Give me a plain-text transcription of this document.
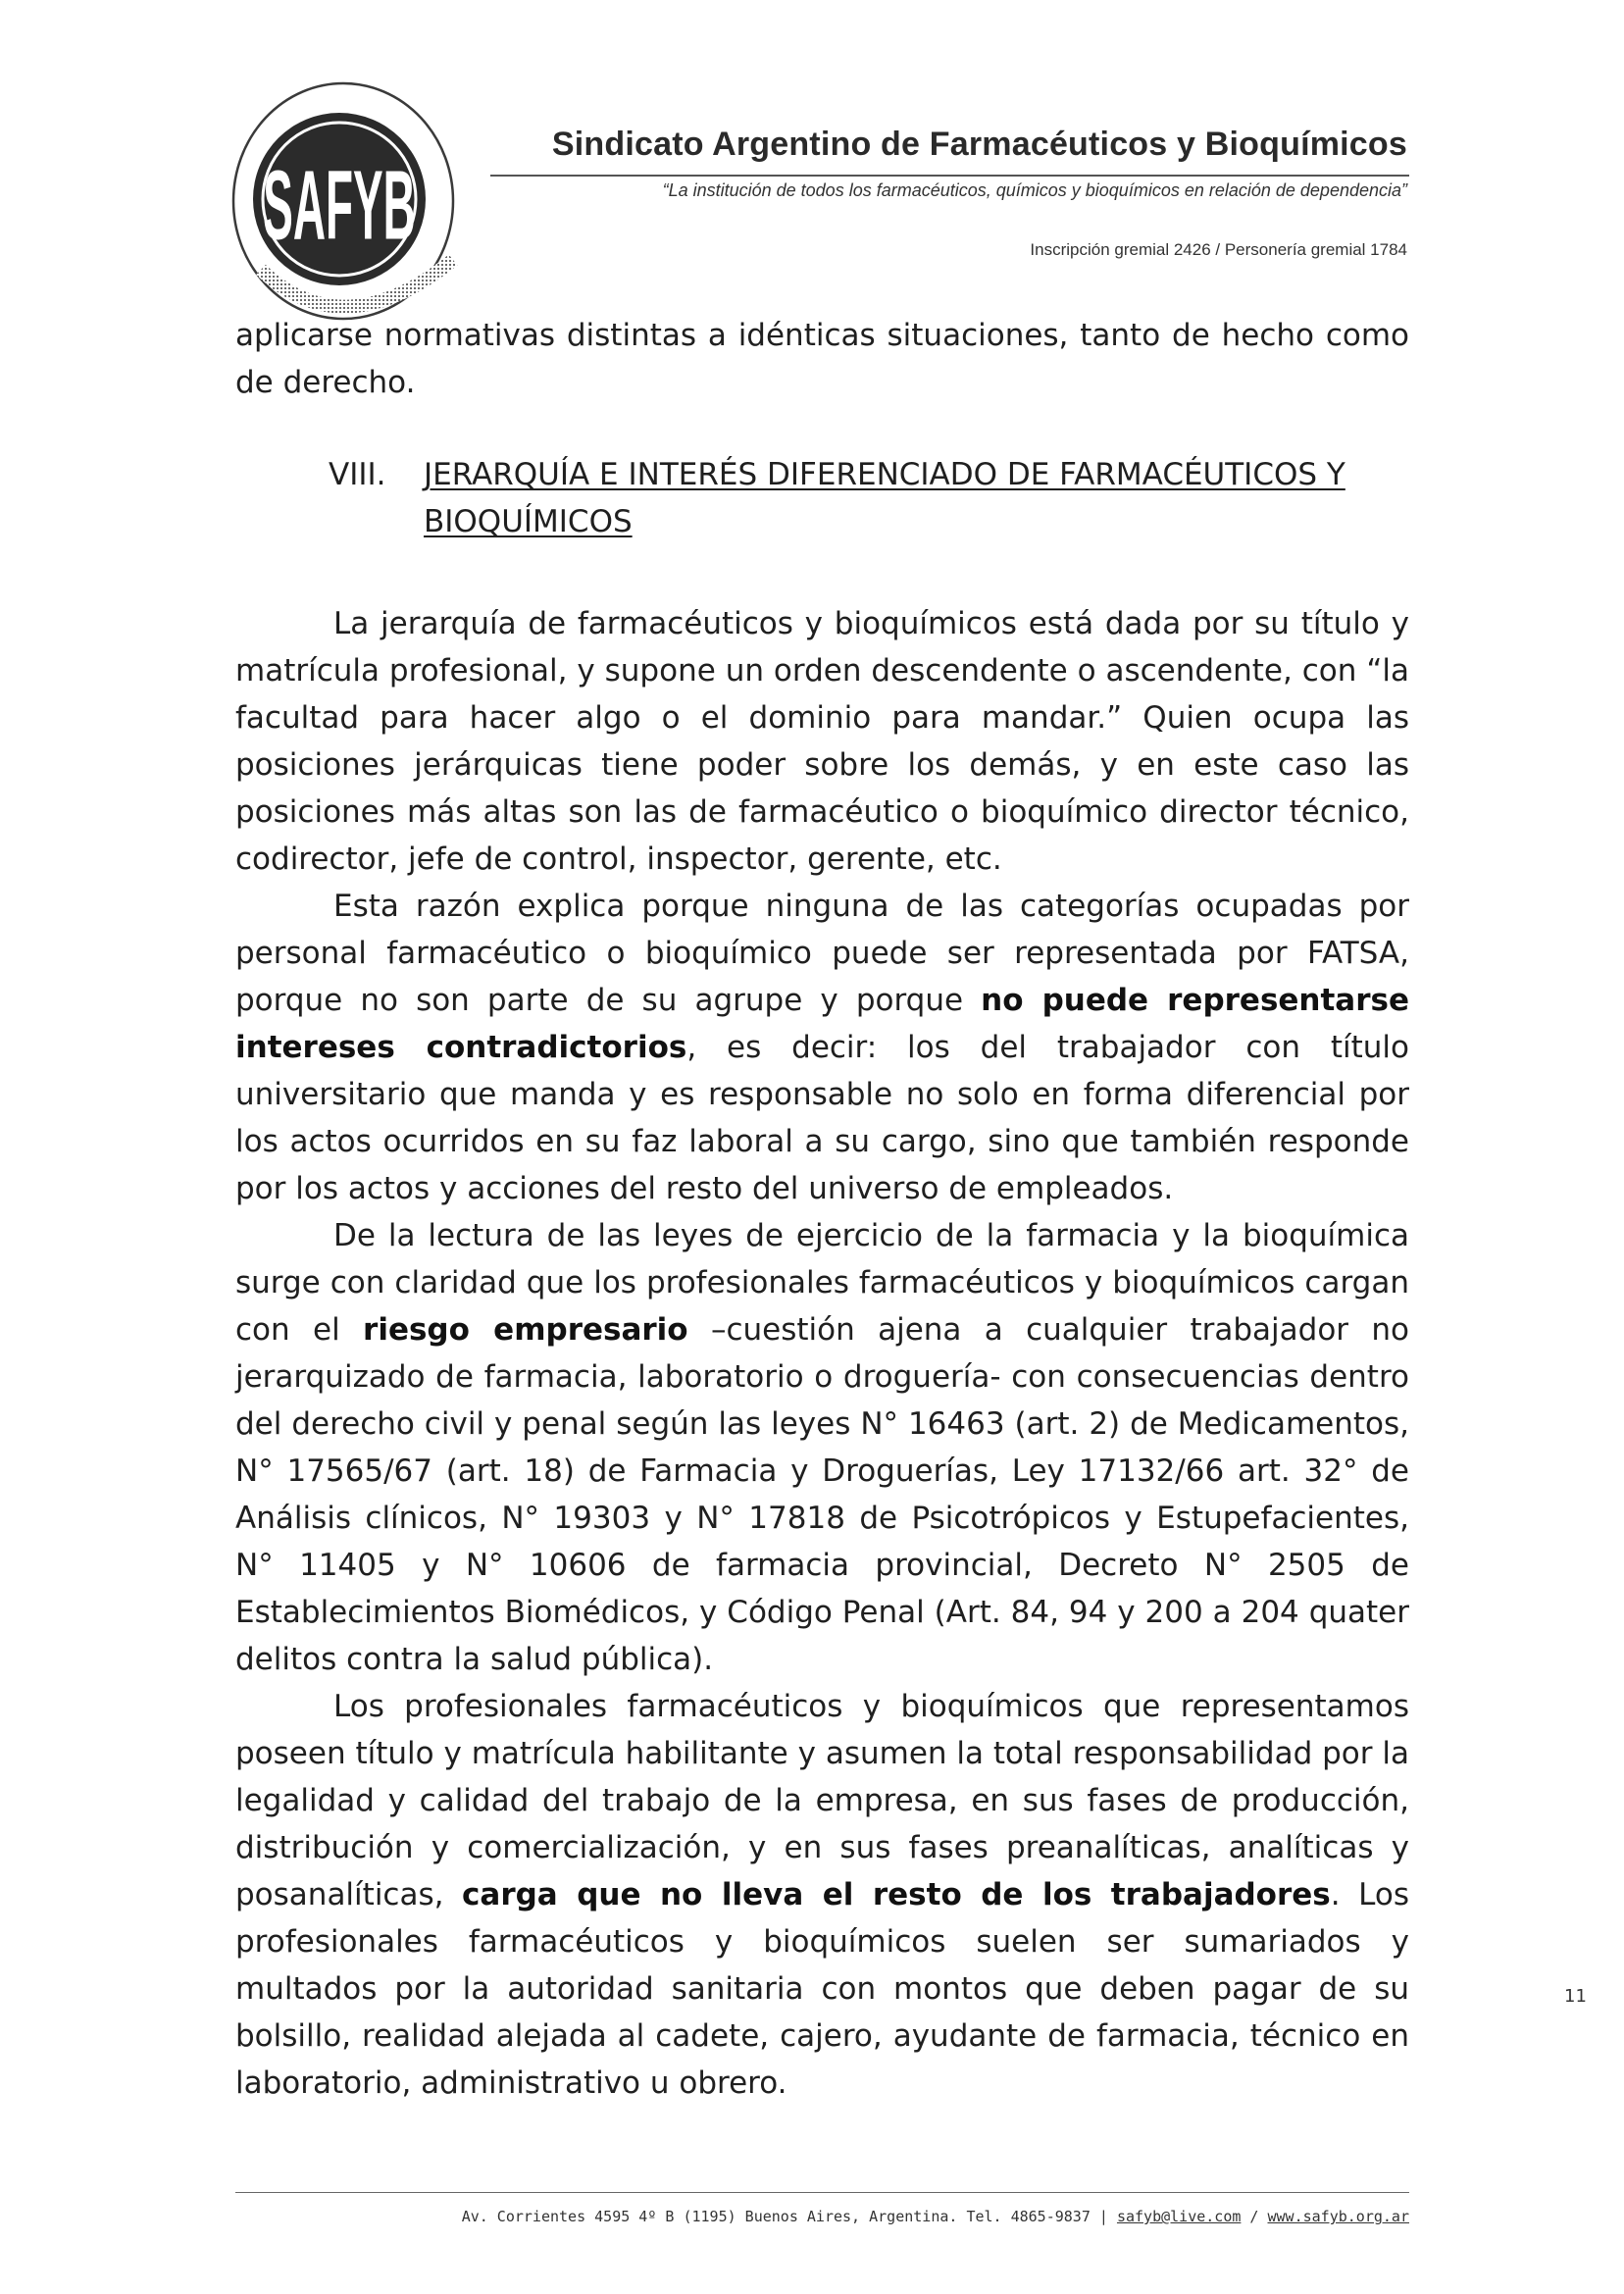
SAFYB
Sindicato Argentino de Farmacéuticos y Bioquímicos
“La institución de todos los farmacéuticos, químicos y bioquímicos en relación de dependencia”
Inscripción gremial 2426 / Personería gremial 1784

aplicarse normativas distintas a idénticas situaciones, tanto de hecho como de derecho.

VIII. JERARQUÍA E INTERÉS DIFERENCIADO DE FARMACÉUTICOS Y BIOQUÍMICOS

La jerarquía de farmacéuticos y bioquímicos está dada por su título y matrícula profesional, y supone un orden descendente o ascendente, con “la facultad para hacer algo o el dominio para mandar.” Quien ocupa las posiciones jerárquicas tiene poder sobre los demás, y en este caso las posiciones más altas son las de farmacéutico o bioquímico director técnico, codirector, jefe de control, inspector, gerente, etc.

Esta razón explica porque ninguna de las categorías ocupadas por personal farmacéutico o bioquímico puede ser representada por FATSA, porque no son parte de su agrupe y porque no puede representarse intereses contradictorios, es decir: los del trabajador con título universitario que manda y es responsable no solo en forma diferencial por los actos ocurridos en su faz laboral a su cargo, sino que también responde por los actos y acciones del resto del universo de empleados.

De la lectura de las leyes de ejercicio de la farmacia y la bioquímica surge con claridad que los profesionales farmacéuticos y bioquímicos cargan con el riesgo empresario –cuestión ajena a cualquier trabajador no jerarquizado de farmacia, laboratorio o droguería- con consecuencias dentro del derecho civil y penal según las leyes N° 16463 (art. 2) de Medicamentos, N° 17565/67 (art. 18) de Farmacia y Droguerías, Ley 17132/66 art. 32° de Análisis clínicos, N° 19303 y N° 17818 de Psicotrópicos y Estupefacientes, N° 11405 y N° 10606 de farmacia provincial, Decreto N° 2505 de Establecimientos Biomédicos, y Código Penal (Art. 84, 94 y 200 a 204 quater delitos contra la salud pública).

Los profesionales farmacéuticos y bioquímicos que representamos poseen título y matrícula habilitante y asumen la total responsabilidad por la legalidad y calidad del trabajo de la empresa, en sus fases de producción, distribución y comercialización, y en sus fases preanalíticas, analíticas y posanalíticas, carga que no lleva el resto de los trabajadores. Los profesionales farmacéuticos y bioquímicos suelen ser sumariados y multados por la autoridad sanitaria con montos que deben pagar de su bolsillo, realidad alejada al cadete, cajero, ayudante de farmacia, técnico en laboratorio, administrativo u obrero.

11
Av. Corrientes 4595 4º B (1195) Buenos Aires, Argentina. Tel. 4865-9837 | safyb@live.com / www.safyb.org.ar
